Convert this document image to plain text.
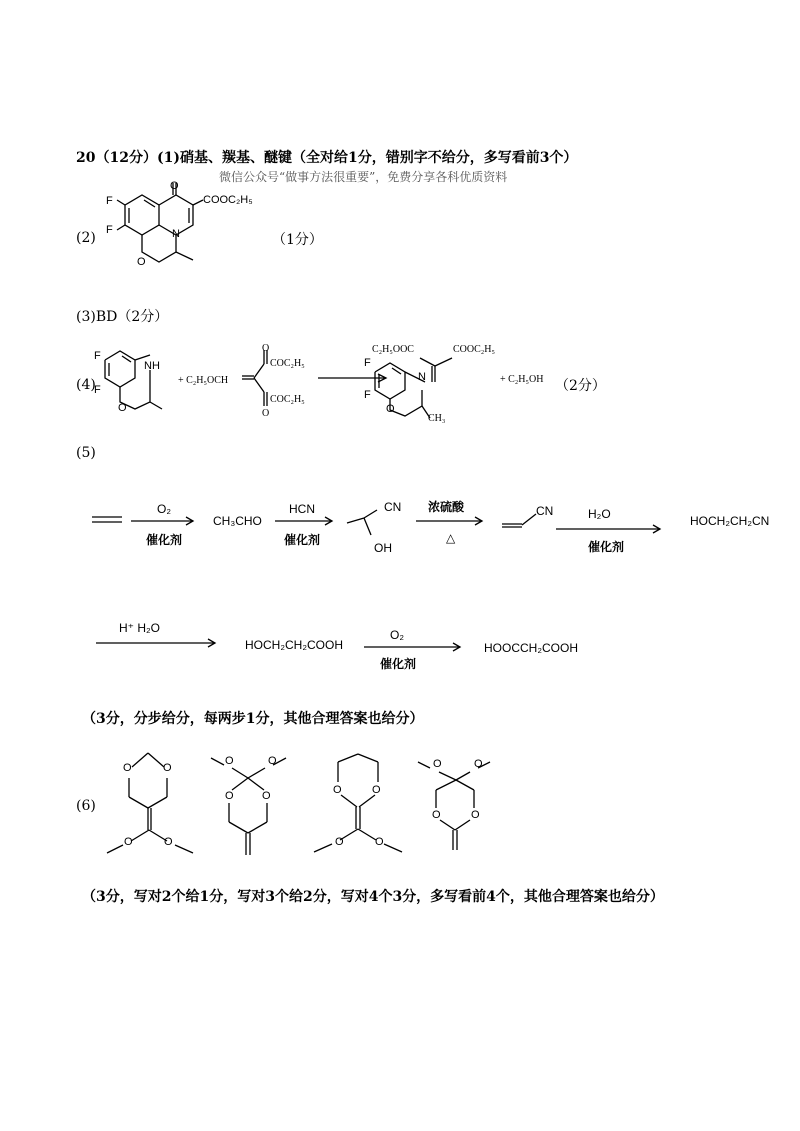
20（12分）(1)硝基、羰基、醚键（全对给1分，错别字不给分，多写看前3个）
微信公众号“做事方法很重要”，免费分享各科优质资料
(2)	（1分）
O
F
F	N
O
COOC₂H₅
(3)BD（2分）
(4)
F
F
NH
O
+ C₂H₅OCH
O
COC₂H₅
COC₂H₅
O
C₂H₅OOC	COOC₂H₅
F
F
N
O
CH₃
+ C₂H₅OH （2分）
(5)
O₂
催化剂
CH₃CHO
HCN
催化剂
CN
OH
浓硫酸
△
CN	H₂O
催化剂
HOCH₂CH₂CN
H⁺ H₂O
HOCH₂CH₂COOH
O₂
催化剂
HOOCCH₂COOH
（3分，分步给分，每两步1分，其他合理答案也给分）
(6)
O	O
O	O
O	O
O	O	O	O
O	O
O	O
O	O
（3分，写对2个给1分，写对3个给2分，写对4个3分，多写看前4个，其他合理答案也给分）
